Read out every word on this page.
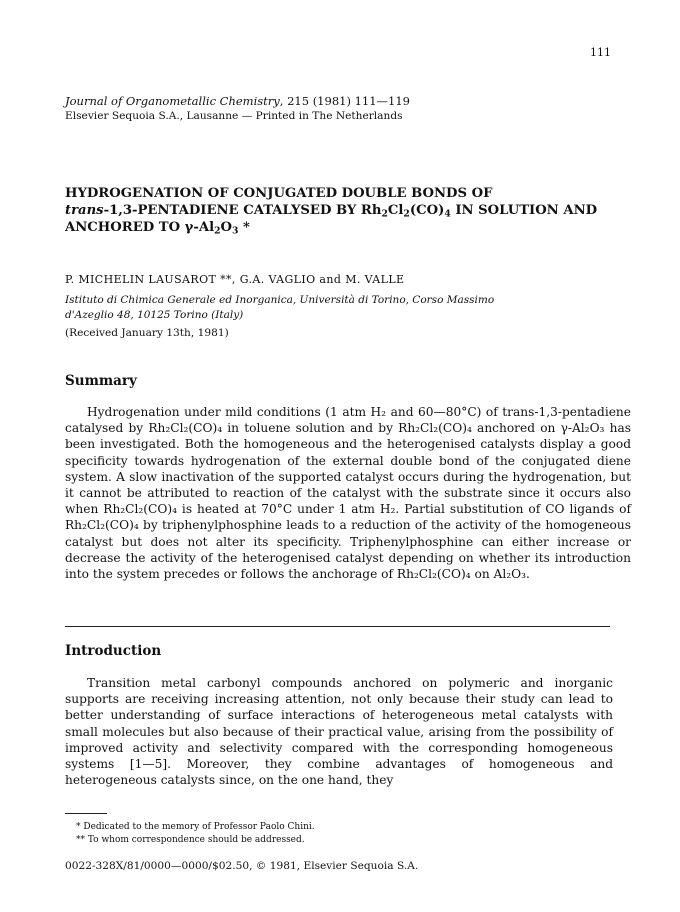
111
Journal of Organometallic Chemistry, 215 (1981) 111—119
Elsevier Sequoia S.A., Lausanne — Printed in The Netherlands
HYDROGENATION OF CONJUGATED DOUBLE BONDS OF
trans-1,3-PENTADIENE CATALYSED BY $Rh_2Cl_2(CO)_4$ IN SOLUTION AND
ANCHORED TO $\gamma-Al_2O_3$ *
P. MICHELIN LAUSAROT **, G.A. VAGLIO and M. VALLE
Istituto di Chimica Generale ed Inorganica, Università di Torino, Corso Massimo
d'Azeglio 48, 10125 Torino (Italy)
(Received January 13th, 1981)
Summary

Hydrogenation under mild conditions (1 atm H₂ and 60—80°C) of trans-1,3-pentadiene catalysed by Rh₂Cl₂(CO)₄ in toluene solution and by Rh₂Cl₂(CO)₄ anchored on γ-Al₂O₃ has been investigated. Both the homogeneous and the heterogenised catalysts display a good specificity towards hydrogenation of the external double bond of the conjugated diene system. A slow inactivation of the supported catalyst occurs during the hydrogenation, but it cannot be attributed to reaction of the catalyst with the substrate since it occurs also when Rh₂Cl₂(CO)₄ is heated at 70°C under 1 atm H₂. Partial substitution of CO ligands of Rh₂Cl₂(CO)₄ by triphenylphosphine leads to a reduction of the activity of the homogeneous catalyst but does not alter its specificity. Triphenylphosphine can either increase or decrease the activity of the heterogenised catalyst depending on whether its introduction into the system precedes or follows the anchorage of Rh₂Cl₂(CO)₄ on Al₂O₃.

Introduction

Transition metal carbonyl compounds anchored on polymeric and inorganic supports are receiving increasing attention, not only because their study can lead to better understanding of surface interactions of heterogeneous metal catalysts with small molecules but also because of their practical value, arising from the possibility of improved activity and selectivity compared with the corresponding homogeneous systems [1—5]. Moreover, they combine advantages of homogeneous and heterogeneous catalysts since, on the one hand, they

* Dedicated to the memory of Professor Paolo Chini.
** To whom correspondence should be addressed.
0022-328X/81/0000—0000/$02.50, © 1981, Elsevier Sequoia S.A.
